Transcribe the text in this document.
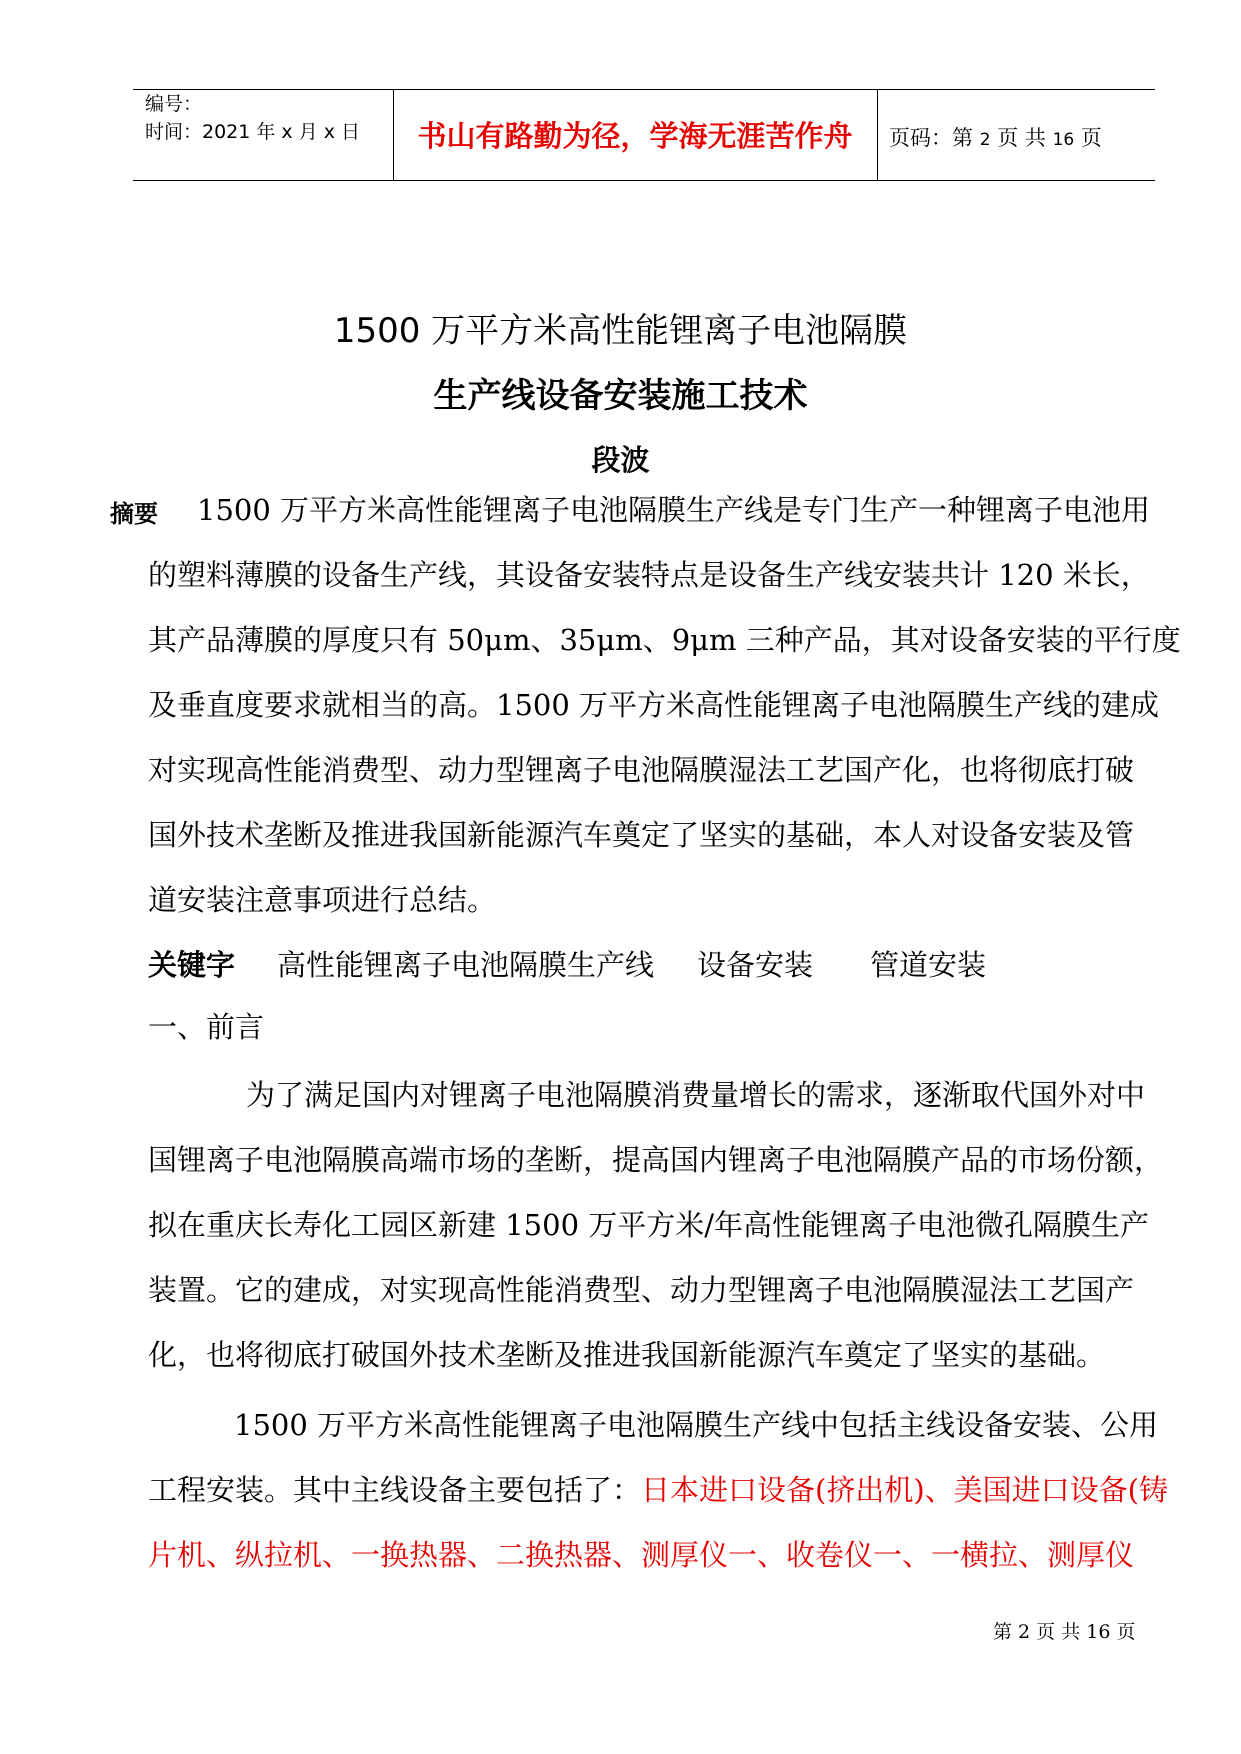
编号：
时间：2021 年 x 月 x 日	书山有路勤为径，学海无涯苦作舟	页码：第 2 页 共 16 页
1500 万平方米高性能锂离子电池隔膜
生产线设备安装施工技术
段波
摘要 1500 万平方米高性能锂离子电池隔膜生产线是专门生产一种锂离子电池用
的塑料薄膜的设备生产线，其设备安装特点是设备生产线安装共计 120 米长，
其产品薄膜的厚度只有 50μm、35μm、9μm 三种产品，其对设备安装的平行度
及垂直度要求就相当的高。1500 万平方米高性能锂离子电池隔膜生产线的建成
对实现高性能消费型、动力型锂离子电池隔膜湿法工艺国产化，也将彻底打破
国外技术垄断及推进我国新能源汽车奠定了坚实的基础，本人对设备安装及管
道安装注意事项进行总结。
关键字 高性能锂离子电池隔膜生产线 设备安装 管道安装
一、前言
为了满足国内对锂离子电池隔膜消费量增长的需求，逐渐取代国外对中
国锂离子电池隔膜高端市场的垄断，提高国内锂离子电池隔膜产品的市场份额，
拟在重庆长寿化工园区新建 1500 万平方米/年高性能锂离子电池微孔隔膜生产
装置。它的建成，对实现高性能消费型、动力型锂离子电池隔膜湿法工艺国产
化，也将彻底打破国外技术垄断及推进我国新能源汽车奠定了坚实的基础。
1500 万平方米高性能锂离子电池隔膜生产线中包括主线设备安装、公用
工程安装。其中主线设备主要包括了：日本进口设备(挤出机)、美国进口设备(铸
片机、纵拉机、一换热器、二换热器、测厚仪一、收卷仪一、一横拉、测厚仪
第 2 页 共 16 页
